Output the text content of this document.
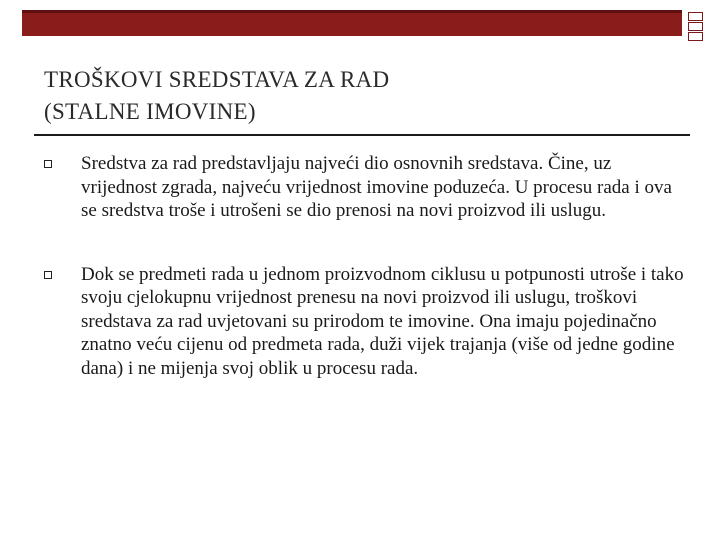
TROŠKOVI SREDSTAVA ZA RAD
(STALNE IMOVINE)
Sredstva za rad predstavljaju najveći dio osnovnih sredstava. Čine, uz vrijednost zgrada, najveću vrijednost imovine poduzeća. U procesu rada i ova se sredstva troše i utrošeni se dio prenosi na novi proizvod ili uslugu.
Dok se predmeti rada u jednom proizvodnom ciklusu u potpunosti utroše i tako svoju cjelokupnu vrijednost prenesu na novi proizvod ili uslugu, troškovi sredstava za rad uvjetovani su prirodom te imovine. Ona imaju pojedinačno znatno veću cijenu od predmeta rada, duži vijek trajanja (više od jedne godine dana) i ne mijenja svoj oblik u procesu rada.
